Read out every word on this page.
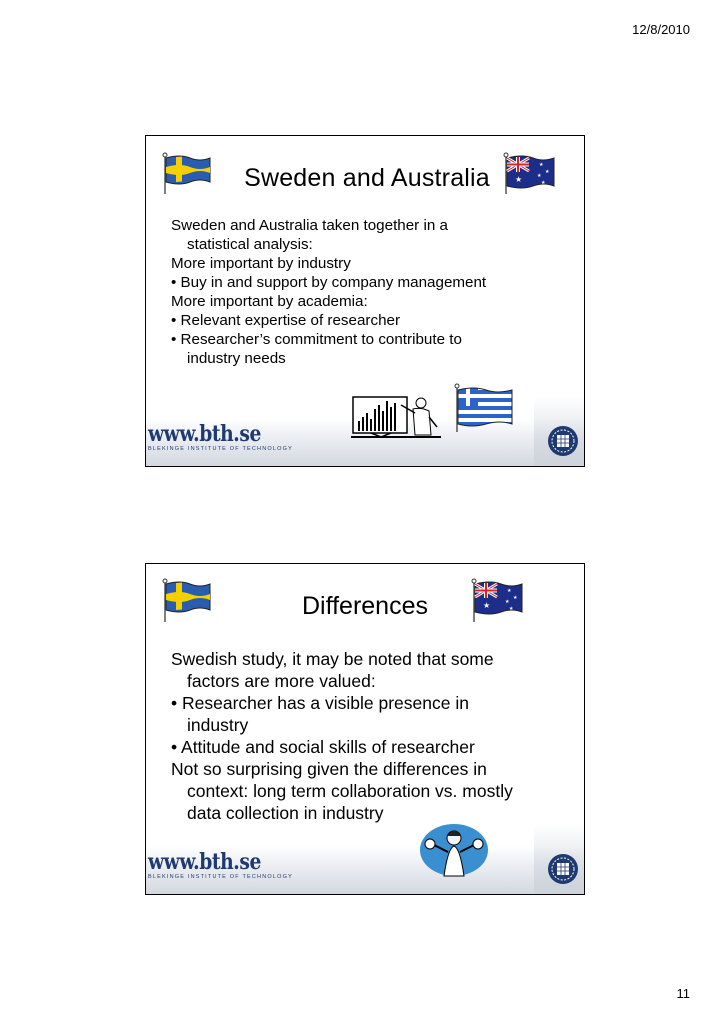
12/8/2010
Sweden and Australia	★
★
★
★
★
Sweden and Australia taken together in a
statistical analysis:
More important by industry
• Buy in and support by company management
More important by academia:
• Relevant expertise of researcher
• Researcher’s commitment to contribute to
industry needs
www.bth.se
BLEKINGE INSTITUTE OF TECHNOLOGY
Differences	★
★
★
★
★
Swedish study, it may be noted that some
factors are more valued:
• Researcher has a visible presence in
industry
• Attitude and social skills of researcher
Not so surprising given the differences in
context: long term collaboration vs. mostly
data collection in industry
www.bth.se
BLEKINGE INSTITUTE OF TECHNOLOGY
11
